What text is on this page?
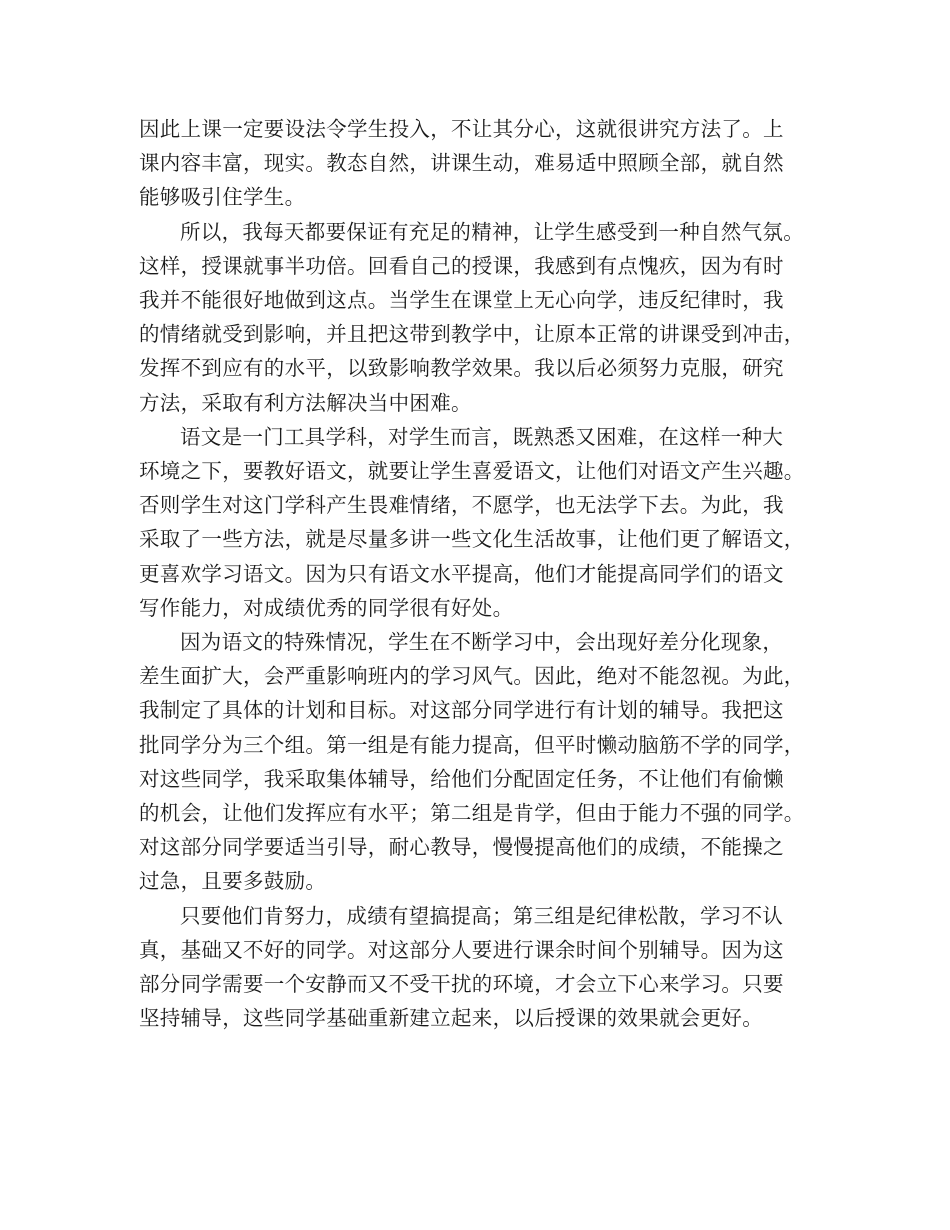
因此上课一定要设法令学生投入，不让其分心，这就很讲究方法了。上
课内容丰富，现实。教态自然，讲课生动，难易适中照顾全部，就自然
能够吸引住学生。

所以，我每天都要保证有充足的精神，让学生感受到一种自然气氛。
这样，授课就事半功倍。回看自己的授课，我感到有点愧疚，因为有时
我并不能很好地做到这点。当学生在课堂上无心向学，违反纪律时，我
的情绪就受到影响，并且把这带到教学中，让原本正常的讲课受到冲击，
发挥不到应有的水平，以致影响教学效果。我以后必须努力克服，研究
方法，采取有利方法解决当中困难。

语文是一门工具学科，对学生而言，既熟悉又困难，在这样一种大
环境之下，要教好语文，就要让学生喜爱语文，让他们对语文产生兴趣。
否则学生对这门学科产生畏难情绪，不愿学，也无法学下去。为此，我
采取了一些方法，就是尽量多讲一些文化生活故事，让他们更了解语文，
更喜欢学习语文。因为只有语文水平提高，他们才能提高同学们的语文
写作能力，对成绩优秀的同学很有好处。

因为语文的特殊情况，学生在不断学习中，会出现好差分化现象，
差生面扩大，会严重影响班内的学习风气。因此，绝对不能忽视。为此，
我制定了具体的计划和目标。对这部分同学进行有计划的辅导。我把这
批同学分为三个组。第一组是有能力提高，但平时懒动脑筋不学的同学，
对这些同学，我采取集体辅导，给他们分配固定任务，不让他们有偷懒
的机会，让他们发挥应有水平；第二组是肯学，但由于能力不强的同学。
对这部分同学要适当引导，耐心教导，慢慢提高他们的成绩，不能操之
过急，且要多鼓励。

只要他们肯努力，成绩有望搞提高；第三组是纪律松散，学习不认
真，基础又不好的同学。对这部分人要进行课余时间个别辅导。因为这
部分同学需要一个安静而又不受干扰的环境，才会立下心来学习。只要
坚持辅导，这些同学基础重新建立起来，以后授课的效果就会更好。
